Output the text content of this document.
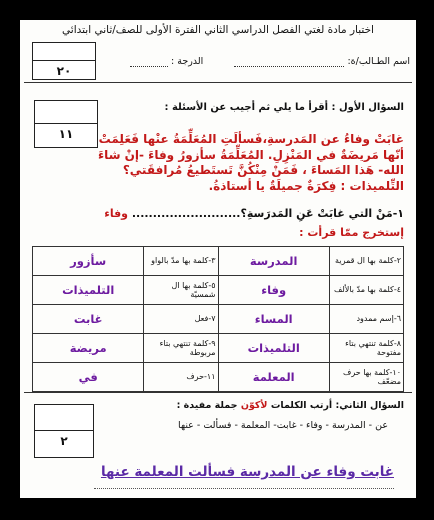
اختبار مادة لغتي الفصل الدراسي الثاني الفترة الأولى للصف/ثاني ابتدائي
٢٠
اسم الطـالب/ة:
الدرجة :
السؤال الأول : أقرأ ما يلي ثم أجيب عن الأسئلة :
١١	غابَتْ وفاءُ عن المَدرسةِ،فَسألَتِ المُعَلِّمَةُ عنْها فَعَلِمَتْ أنّها مَريضَةٌ في المَنْزِلِ. المُعَلِّمَةُ سأزورُ وفاءَ -إنْ شاءَ الله- هَذا المَساءَ ، فَمَنْ مِنْكُنَّ تَستَطيعُ مُرافقَتي؟ التِّلميذات : فِكرَةٌ جميلَةٌ يا أستاذةُ.
١-مَنْ التي غابَتْ عَنِ المَدرَسةِ؟.......................... وفاء
إستخرج ممّا قرأت :
٢-كلمة بها ال قمرية	المدرسة	٣-كلمة بها مدّ بالواو	سأزور
٤-كلمة بها مدّ بالألف	وفاء	٥-كلمة بها ال شمسيّة	التلميذات
٦-إسم ممدود	المساء	٧-فعل	غابت
٨-كلمة تنتهي بتاء مفتوحة	التلميذات	٩-كلمة تنتهي بتاء مربوطة	مريضة
١٠-كلمة بها حرف مضعّف	المعلمة	١١-حرف	في
السؤال الثاني: أرتب الكلمات لأكوّن جملة مفيدة :
عن - المدرسة - وفاء - غابت- المعلمة - فسألت - عنها
٢
غابت وفاء عن المدرسة فسألت المعلمة عنها
